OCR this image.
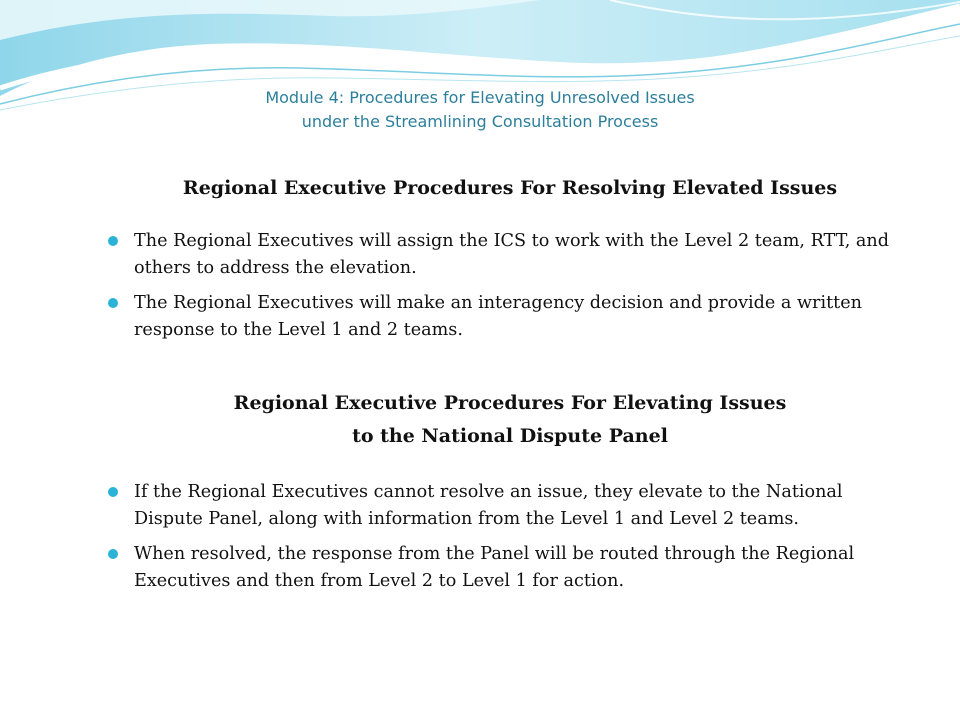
Module 4: Procedures for Elevating Unresolved Issues
under the Streamlining Consultation Process
Regional Executive Procedures For Resolving Elevated Issues
The Regional Executives will assign the ICS to work with the Level 2 team, RTT, and others to address the elevation.
The Regional Executives will make an interagency decision and provide a written response to the Level 1 and 2 teams.
Regional Executive Procedures For Elevating Issues
to the National Dispute Panel
If the Regional Executives cannot resolve an issue, they elevate to the National Dispute Panel, along with information from the Level 1 and Level 2 teams.
When resolved, the response from the Panel will be routed through the Regional Executives and then from Level 2 to Level 1 for action.
